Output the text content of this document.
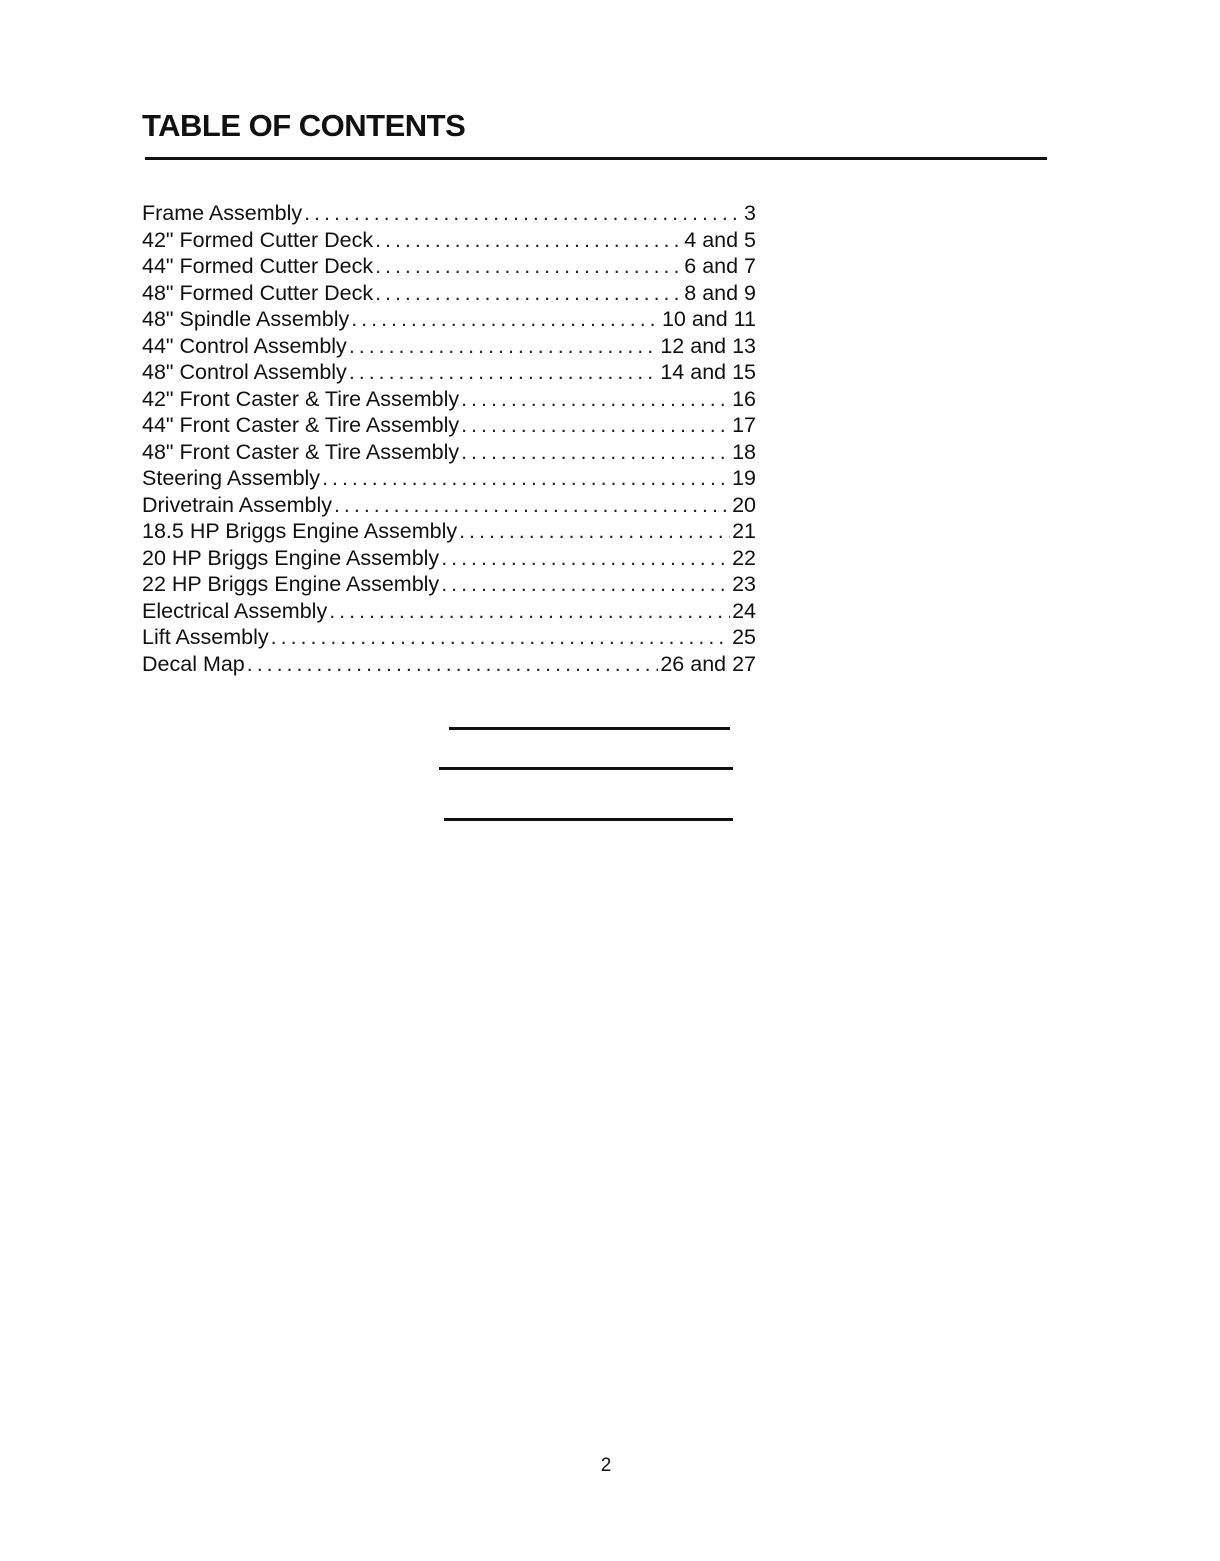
TABLE OF CONTENTS
Frame Assembly . . .	3
42" Formed Cutter Deck . . .	4 and 5
44" Formed Cutter Deck . . .	6 and 7
48" Formed Cutter Deck . . .	8 and 9
48" Spindle Assembly . . .	10 and 11
44" Control Assembly . . .	12 and 13
48" Control Assembly . . .	14 and 15
42" Front Caster & Tire Assembly . . .	16
44" Front Caster & Tire Assembly . . .	17
48" Front Caster & Tire Assembly . . .	18
Steering Assembly . . .	19
Drivetrain Assembly . . .	20
18.5 HP Briggs Engine Assembly . . .	21
20 HP Briggs Engine Assembly . . .	22
22 HP Briggs Engine Assembly . . .	23
Electrical Assembly . . .	24
Lift Assembly . . .	25
Decal Map . . .	26 and 27
2
